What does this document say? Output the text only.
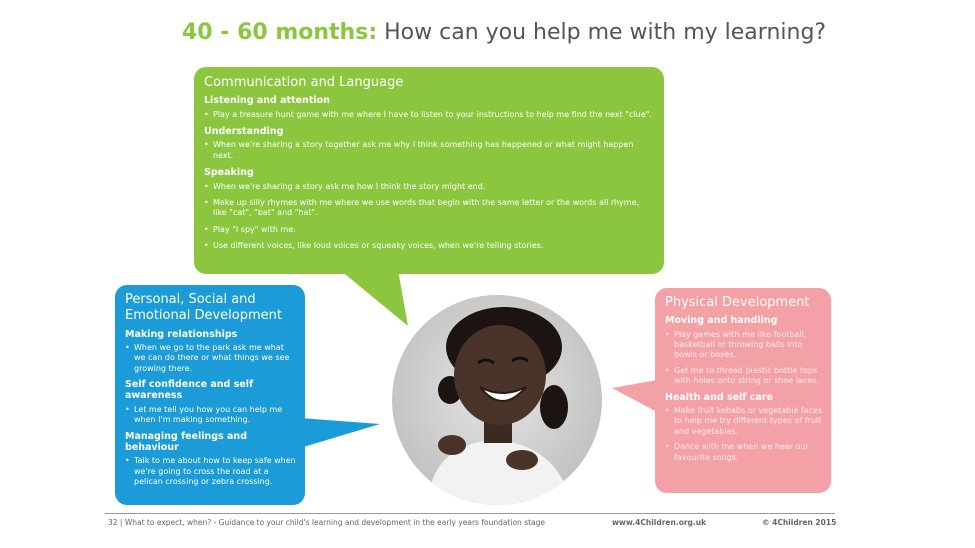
40 - 60 months: How can you help me with my learning?
Communication and Language
Listening and attention
• Play a treasure hunt game with me where I have to listen to your instructions to help me find the next "clue".
Understanding
• When we're sharing a story together ask me why I think something has happened or what might happen next.
Speaking
• When we're sharing a story ask me how I think the story might end.
• Make up silly rhymes with me where we use words that begin with the same letter or the words all rhyme, like "cat", "bat" and "hat".
• Play "I spy" with me.
• Use different voices, like loud voices or squeaky voices, when we're telling stories.
Personal, Social and Emotional Development
Making relationships
• When we go to the park ask me what we can do there or what things we see growing there.
Self confidence and self awareness
• Let me tell you how you can help me when I'm making something.
Managing feelings and behaviour
• Talk to me about how to keep safe when we're going to cross the road at a pelican crossing or zebra crossing.
Physical Development
Moving and handling
• Play games with me like football, basketball or throwing balls into bowls or boxes.
• Get me to thread plastic bottle tops with holes onto string or shoe laces.
Health and self care
• Make fruit kebabs or vegetable faces to help me try different types of fruit and vegetables.
• Dance with me when we hear our favourite songs.
32 | What to expect, when? - Guidance to your child's learning and development in the early years foundation stage	www.4Children.org.uk	© 4Children 2015
